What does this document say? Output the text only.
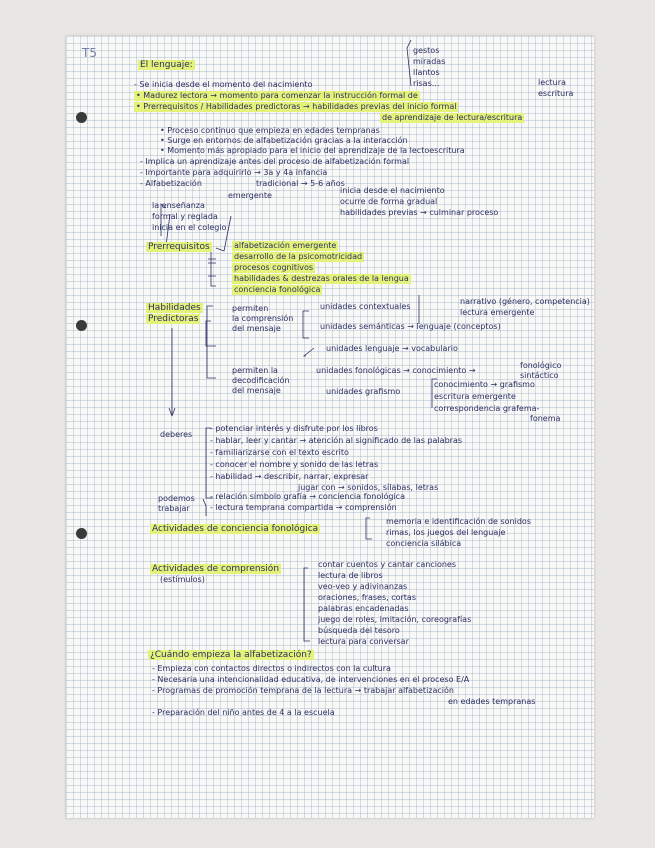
T5
El lenguaje:
gestos
miradas
llantos
risas...
- Se inicia desde el momento del nacimiento
• Madurez lectora → momento para comenzar la instrucción formal de
lectura
escritura
• Prerrequisitos / Habilidades predictoras → habilidades previas del inicio formal
de aprendizaje de lectura/escritura
• Proceso continuo que empieza en edades tempranas
• Surge en entornos de alfabetización gracias a la interacción
• Momento más apropiado para el inicio del aprendizaje de la lectoescritura
- Implica un aprendizaje antes del proceso de alfabetización formal
- Importante para adquirirlo → 3a y 4a infancia
- Alfabetización	tradicional → 5-6 años
emergente
la enseñanza
formal y reglada
inicia en el colegio
inicia desde el nacimiento
ocurre de forma gradual
habilidades previas → culminar proceso
Prerrequisitos	alfabetización emergente
desarrollo de la psicomotricidad
procesos cognitivos
habilidades & destrezas orales de la lengua
conciencia fonológica
Habilidades
Predictoras
permiten
la comprensión
del mensaje
unidades contextuales
narrativo (género, competencia)
lectura emergente
unidades semánticas → lenguaje (conceptos)
unidades lenguaje → vocabulario
permiten la
decodificación
del mensaje
unidades fonológicas → conocimiento →
fonológico
sintáctico
unidades grafismo
conocimiento → grafismo
escritura emergente
correspondencia grafema-
fonema
deberes
- potenciar interés y disfrute por los libros
- hablar, leer y cantar → atención al significado de las palabras
- familiarizarse con el texto escrito
- conocer el nombre y sonido de las letras
- habilidad → describir, narrar, expresar
jugar con → sonidos, sílabas, letras
podemos
trabajar
- relación símbolo grafía → conciencia fonológica
- lectura temprana compartida → comprensión
Actividades de conciencia fonológica
memoria e identificación de sonidos
rimas, los juegos del lenguaje
conciencia silábica
Actividades de comprensión
(estímulos)
contar cuentos y cantar canciones
lectura de libros
veo-veo y adivinanzas
oraciones, frases, cortas
palabras encadenadas
juego de roles, imitación, coreografías
búsqueda del tesoro
lectura para conversar
¿Cuándo empieza la alfabetización?
- Empieza con contactos directos o indirectos con la cultura
- Necesaria una intencionalidad educativa, de intervenciones en el proceso E/A
- Programas de promoción temprana de la lectura → trabajar alfabetización
en edades tempranas
- Preparación del niño antes de 4 a la escuela
